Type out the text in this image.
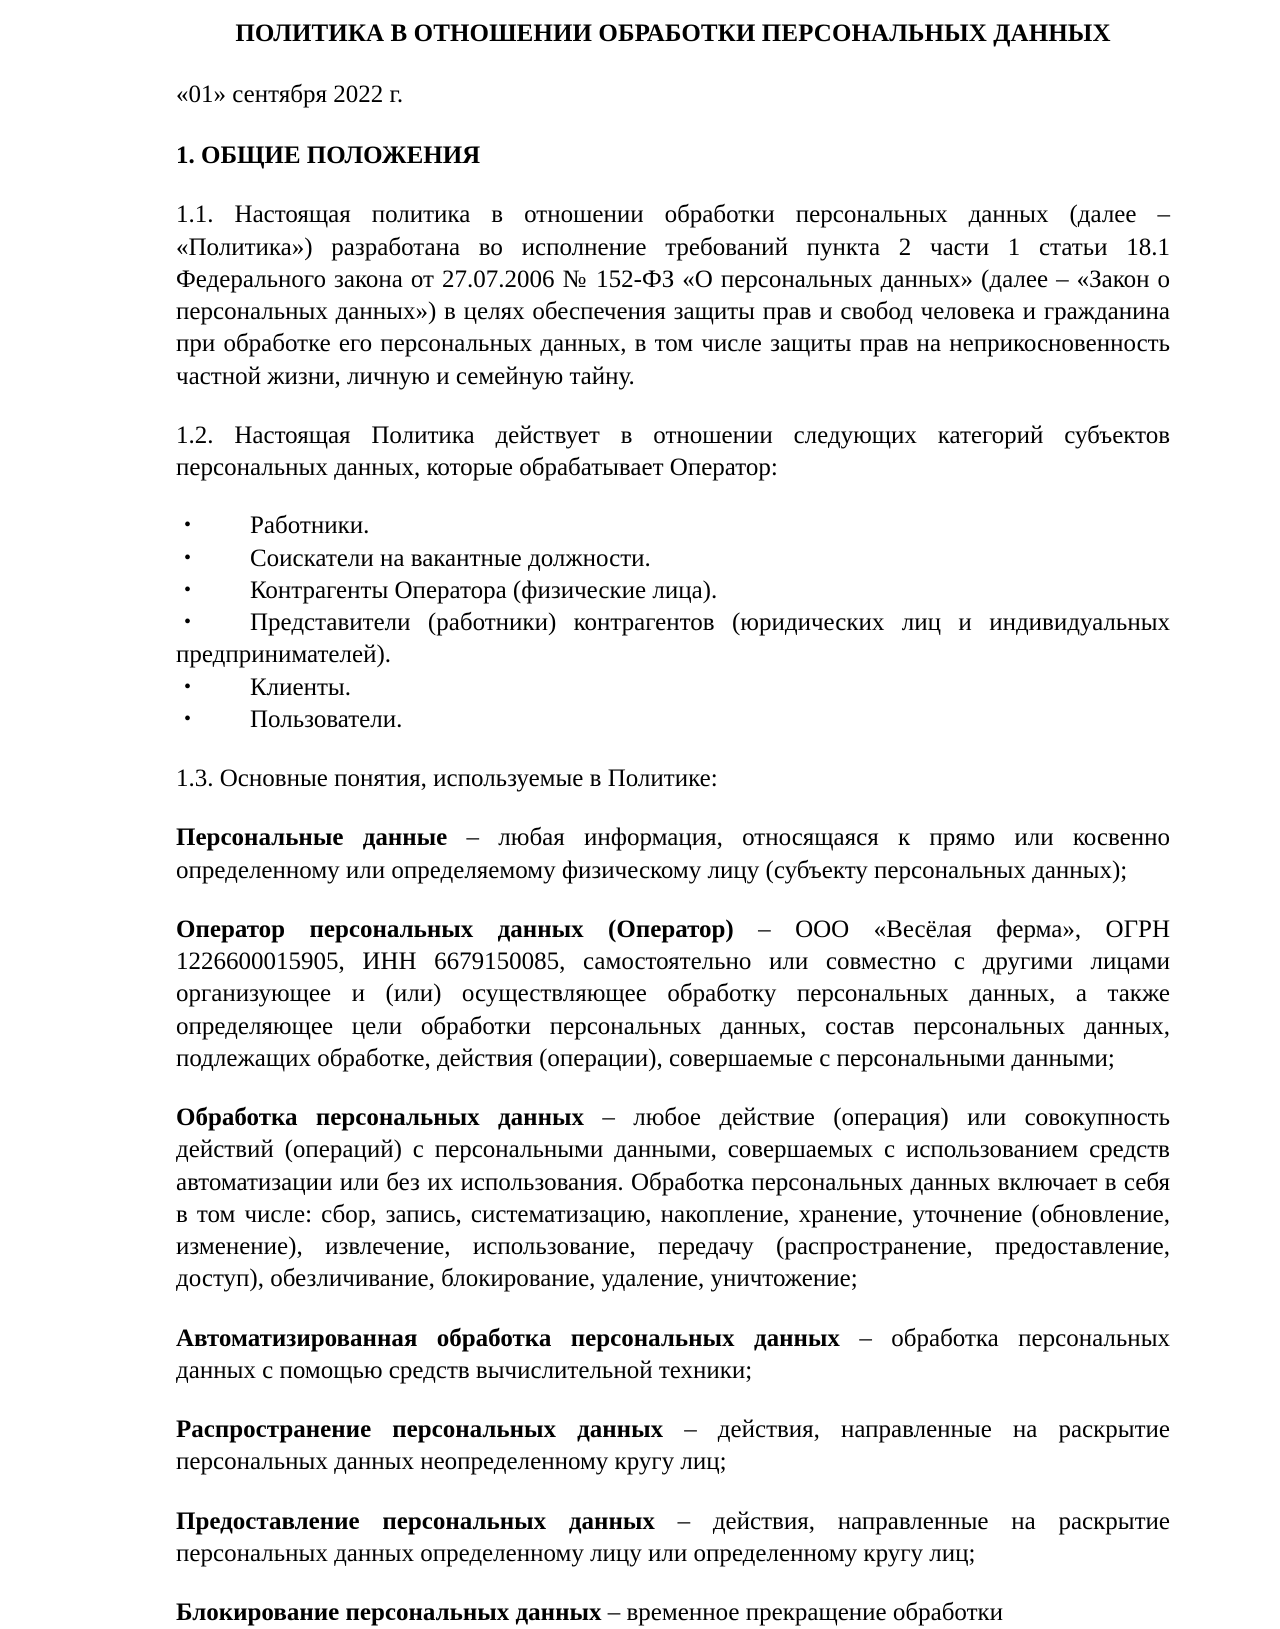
ПОЛИТИКА В ОТНОШЕНИИ ОБРАБОТКИ ПЕРСОНАЛЬНЫХ ДАННЫХ
«01» сентября 2022 г.
1. ОБЩИЕ ПОЛОЖЕНИЯ

1.1. Настоящая политика в отношении обработки персональных данных (далее – «Политика») разработана во исполнение требований пункта 2 части 1 статьи 18.1 Федерального закона от 27.07.2006 № 152-ФЗ «О персональных данных» (далее – «Закон о персональных данных») в целях обеспечения защиты прав и свобод человека и гражданина при обработке его персональных данных, в том числе защиты прав на неприкосновенность частной жизни, личную и семейную тайну.

1.2. Настоящая Политика действует в отношении следующих категорий субъектов персональных данных, которые обрабатывает Оператор:

•	Работники.
•	Соискатели на вакантные должности.
•	Контрагенты Оператора (физические лица).
•	Представители (работники) контрагентов (юридических лиц и индивидуальных предпринимателей).
•	Клиенты.
•	Пользователи.

1.3. Основные понятия, используемые в Политике:

Персональные данные – любая информация, относящаяся к прямо или косвенно определенному или определяемому физическому лицу (субъекту персональных данных);

Оператор персональных данных (Оператор) – ООО «Весёлая ферма», ОГРН 1226600015905, ИНН 6679150085, самостоятельно или совместно с другими лицами организующее и (или) осуществляющее обработку персональных данных, а также определяющее цели обработки персональных данных, состав персональных данных, подлежащих обработке, действия (операции), совершаемые с персональными данными;

Обработка персональных данных – любое действие (операция) или совокупность действий (операций) с персональными данными, совершаемых с использованием средств автоматизации или без их использования. Обработка персональных данных включает в себя в том числе: сбор, запись, систематизацию, накопление, хранение, уточнение (обновление, изменение), извлечение, использование, передачу (распространение, предоставление, доступ), обезличивание, блокирование, удаление, уничтожение;

Автоматизированная обработка персональных данных – обработка персональных данных с помощью средств вычислительной техники;

Распространение персональных данных – действия, направленные на раскрытие персональных данных неопределенному кругу лиц;

Предоставление персональных данных – действия, направленные на раскрытие персональных данных определенному лицу или определенному кругу лиц;

Блокирование персональных данных – временное прекращение обработки
